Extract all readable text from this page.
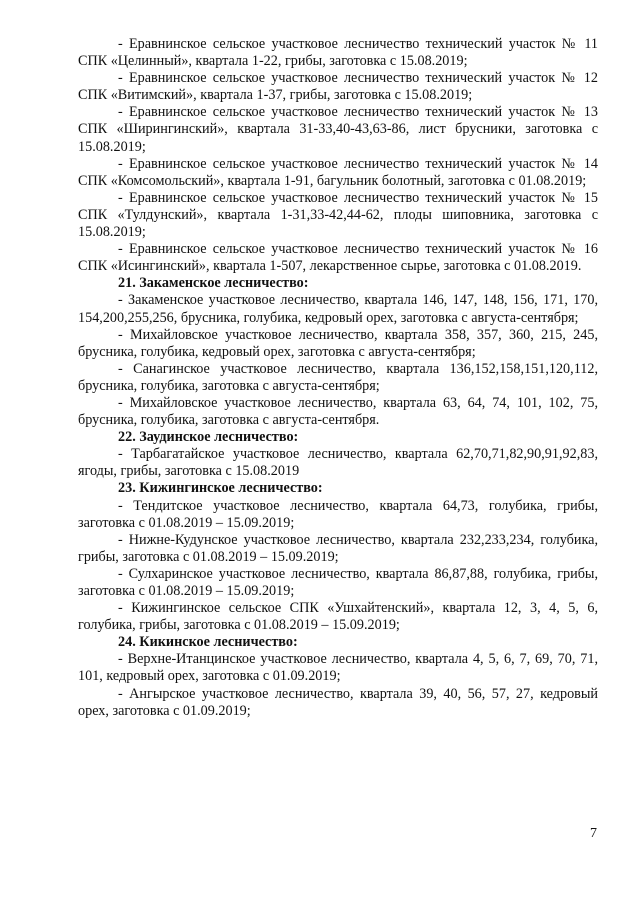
- Еравнинское сельское участковое лесничество технический участок № 11 СПК «Целинный», квартала 1-22, грибы, заготовка с 15.08.2019;

- Еравнинское сельское участковое лесничество технический участок № 12 СПК «Витимский», квартала 1-37, грибы, заготовка с 15.08.2019;

- Еравнинское сельское участковое лесничество технический участок № 13 СПК «Ширингинский», квартала 31-33,40-43,63-86, лист брусники, заготовка с 15.08.2019;

- Еравнинское сельское участковое лесничество технический участок № 14 СПК «Комсомольский», квартала 1-91, багульник болотный, заготовка с 01.08.2019;

- Еравнинское сельское участковое лесничество технический участок № 15 СПК «Тулдунский», квартала 1-31,33-42,44-62, плоды шиповника, заготовка с 15.08.2019;

- Еравнинское сельское участковое лесничество технический участок № 16 СПК «Исингинский», квартала 1-507, лекарственное сырье, заготовка с 01.08.2019.

21. Закаменское лесничество:

- Закаменское участковое лесничество, квартала 146, 147, 148, 156, 171, 170, 154,200,255,256, брусника, голубика, кедровый орех, заготовка с августа-сентября;

- Михайловское участковое лесничество, квартала 358, 357, 360, 215, 245, брусника, голубика, кедровый орех, заготовка с августа-сентября;

- Санагинское участковое лесничество, квартала 136,152,158,151,120,112, брусника, голубика, заготовка с августа-сентября;

- Михайловское участковое лесничество, квартала 63, 64, 74, 101, 102, 75, брусника, голубика, заготовка с августа-сентября.

22. Заудинское лесничество:

- Тарбагатайское участковое лесничество, квартала 62,70,71,82,90,91,92,83, ягоды, грибы, заготовка с 15.08.2019

23. Кижингинское лесничество:

- Тендитское участковое лесничество, квартала 64,73, голубика, грибы, заготовка с 01.08.2019 – 15.09.2019;

- Нижне-Кудунское участковое лесничество, квартала 232,233,234, голубика, грибы, заготовка с 01.08.2019 – 15.09.2019;

- Сулхаринское участковое лесничество, квартала 86,87,88, голубика, грибы, заготовка с 01.08.2019 – 15.09.2019;

- Кижингинское сельское СПК «Ушхайтенский», квартала 12, 3, 4, 5, 6, голубика, грибы, заготовка с 01.08.2019 – 15.09.2019;

24. Кикинское лесничество:

- Верхне-Итанцинское участковое лесничество, квартала 4, 5, 6, 7, 69, 70, 71, 101, кедровый орех, заготовка с 01.09.2019;

- Ангырское участковое лесничество, квартала 39, 40, 56, 57, 27, кедровый орех, заготовка с 01.09.2019;

7
